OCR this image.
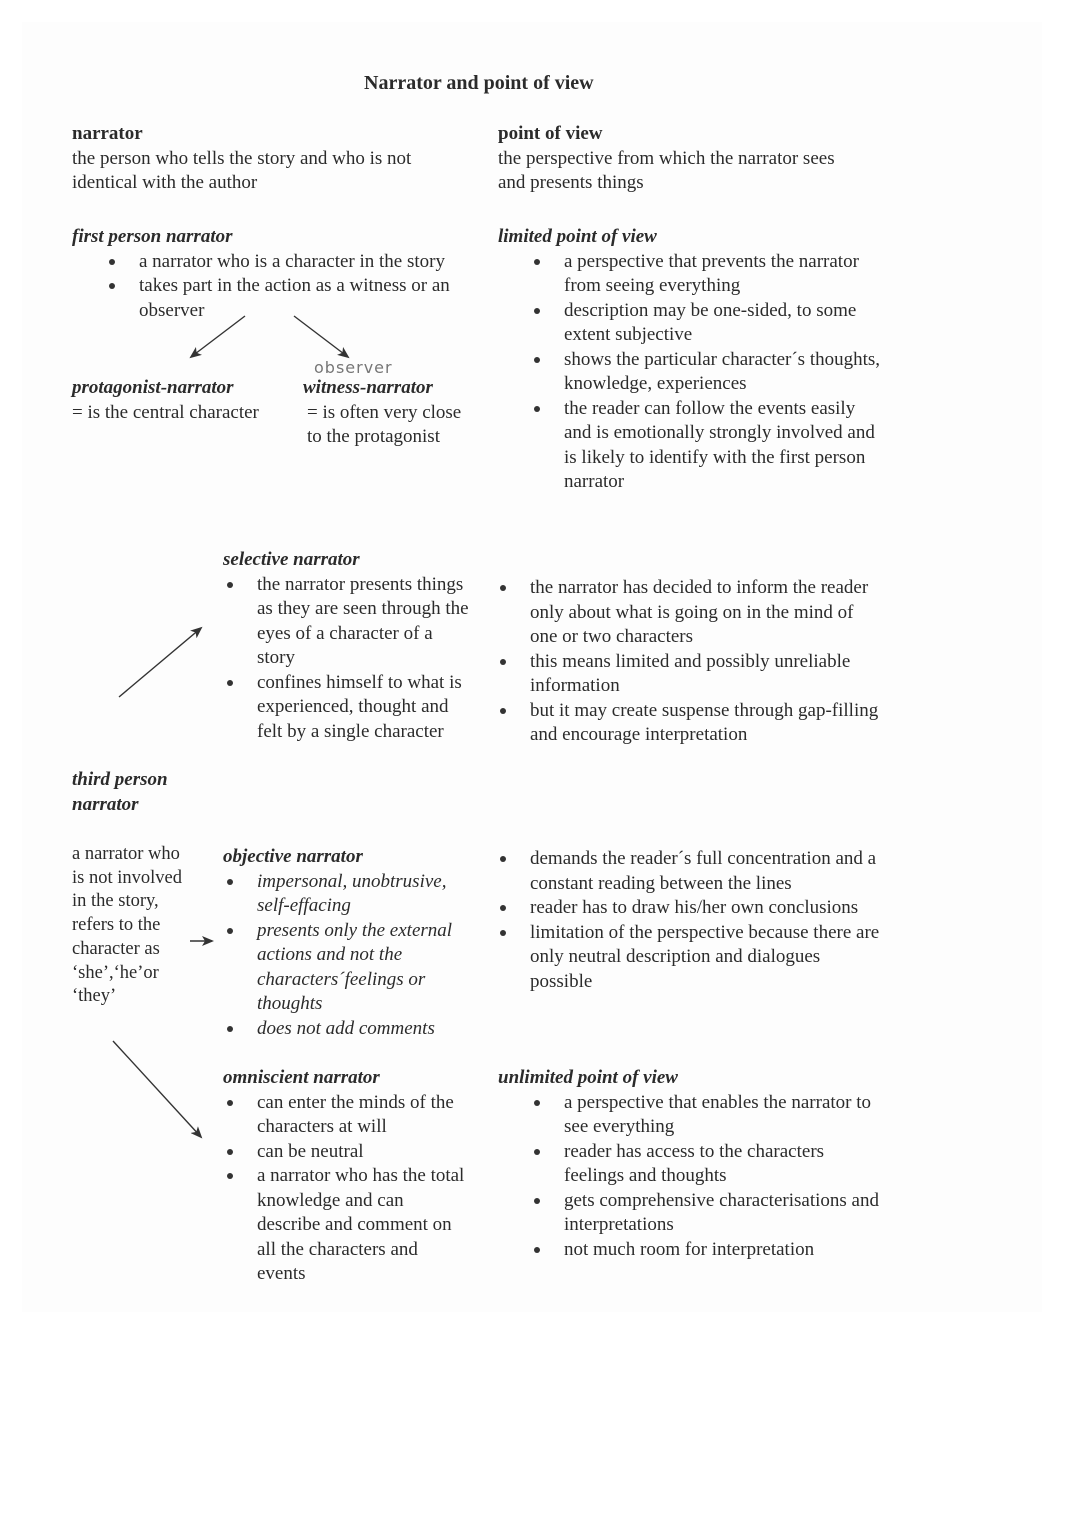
Narrator and point of view
narrator
the person who tells the story and who is not
identical with the author
point of view
the perspective from which the narrator sees
and presents things
first person narrator
a narrator who is a character in the story
takes part in the action as a witness or an
observer
observer
protagonist-narrator
= is the central character
witness-narrator
= is often very close
to the protagonist
limited point of view
a perspective that prevents the narrator
from seeing everything
description may be one-sided, to some
extent subjective
shows the particular character´s thoughts,
knowledge, experiences
the reader can follow the events easily
and is emotionally strongly involved and
is likely to identify with the first person
narrator
selective narrator
the narrator presents things
as they are seen through the
eyes of a character of a
story
confines himself to what is
experienced, thought and
felt by a single character
the narrator has decided to inform the reader
only about what is going on in the mind of
one or two characters
this means limited and possibly unreliable
information
but it may create suspense through gap-filling
and encourage interpretation
third person
narrator
a narrator who
is not involved
in the story,
refers to the
character as
‘she’,‘he’or
‘they’
objective narrator
impersonal, unobtrusive,
self-effacing
presents only the external
actions and not the
characters´feelings or
thoughts
does not add comments
demands the reader´s full concentration and a
constant reading between the lines
reader has to draw his/her own conclusions
limitation of the perspective because there are
only neutral description and dialogues
possible
omniscient narrator
can enter the minds of the
characters at will
can be neutral
a narrator who has the total
knowledge and can
describe and comment on
all the characters and
events
unlimited point of view
a perspective that enables the narrator to
see everything
reader has access to the characters
feelings and thoughts
gets comprehensive characterisations and
interpretations
not much room for interpretation
